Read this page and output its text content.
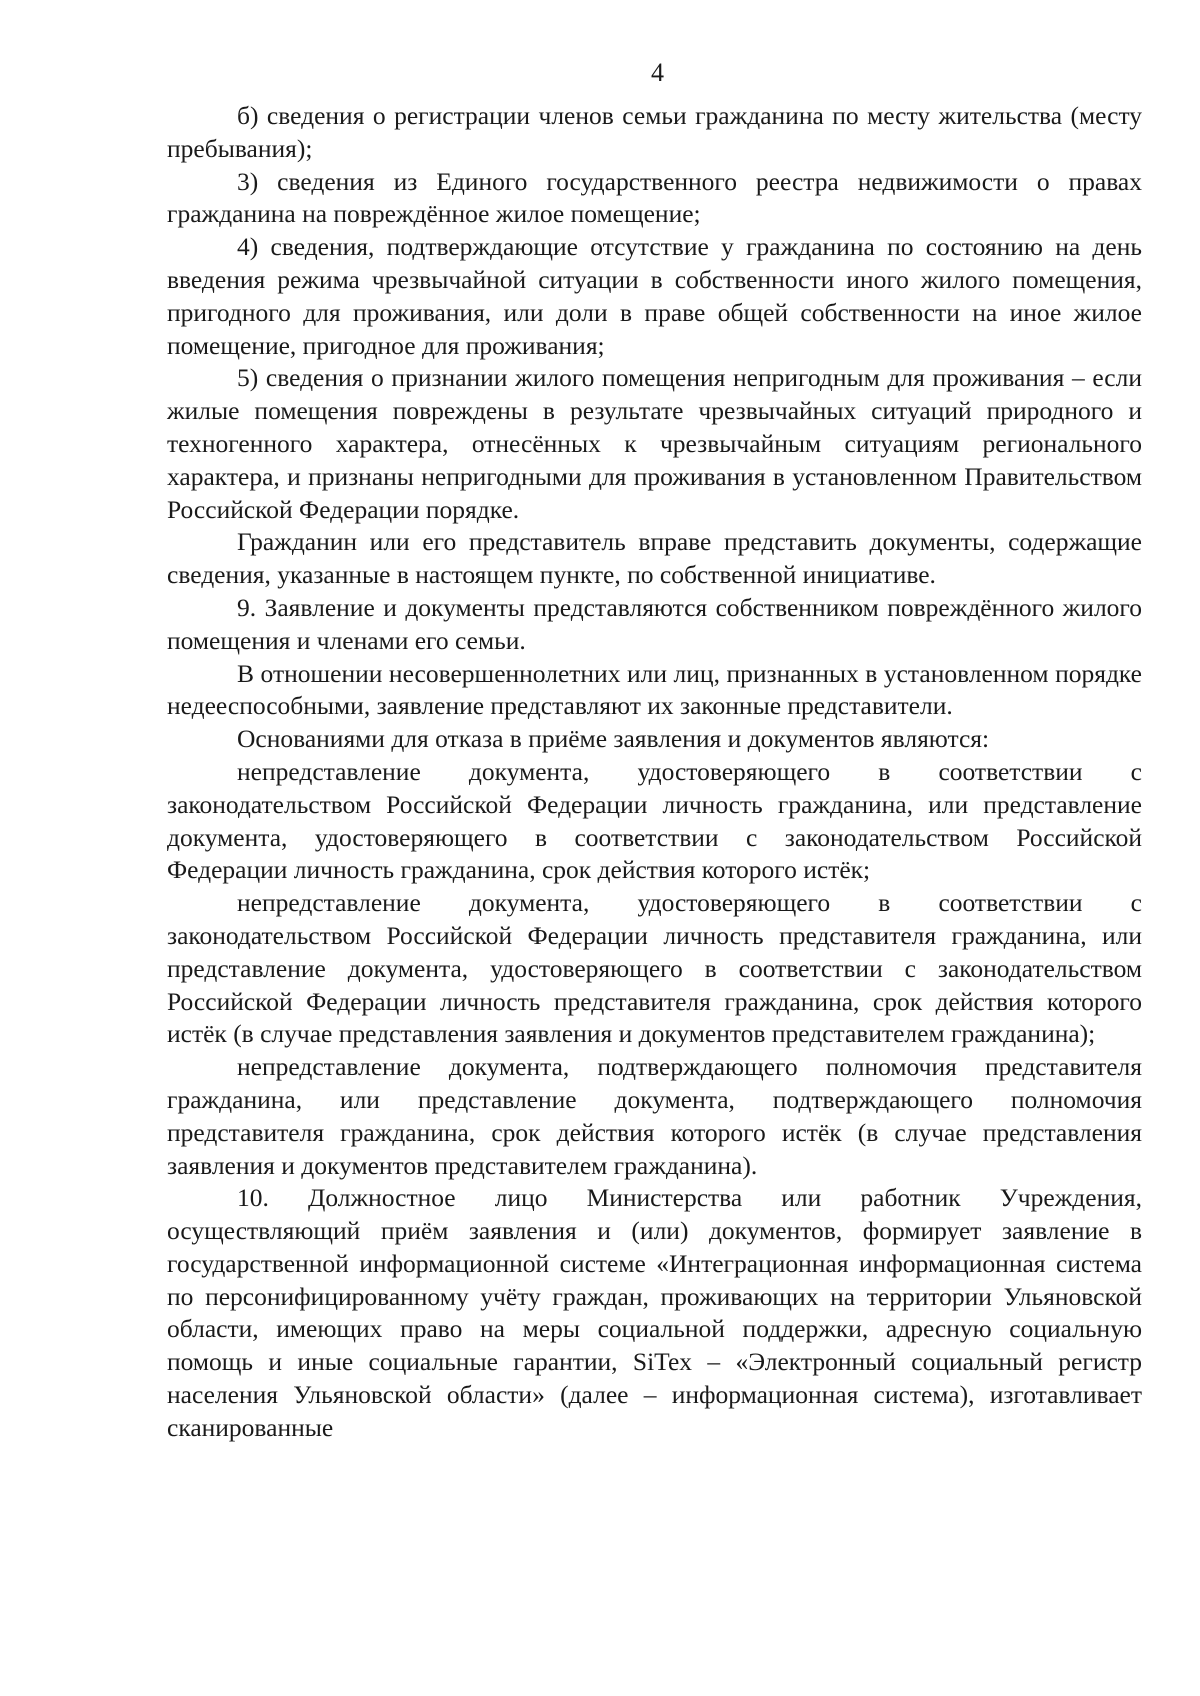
4

б) сведения о регистрации членов семьи гражданина по месту жительства (месту пребывания);

3) сведения из Единого государственного реестра недвижимости о правах гражданина на повреждённое жилое помещение;

4) сведения, подтверждающие отсутствие у гражданина по состоянию на день введения режима чрезвычайной ситуации в собственности иного жилого помещения, пригодного для проживания, или доли в праве общей собственности на иное жилое помещение, пригодное для проживания;

5) сведения о признании жилого помещения непригодным для проживания – если жилые помещения повреждены в результате чрезвычайных ситуаций природного и техногенного характера, отнесённых к чрезвычайным ситуациям регионального характера, и признаны непригодными для проживания в установленном Правительством Российской Федерации порядке.

Гражданин или его представитель вправе представить документы, содержащие сведения, указанные в настоящем пункте, по собственной инициативе.

9. Заявление и документы представляются собственником повреждённого жилого помещения и членами его семьи.

В отношении несовершеннолетних или лиц, признанных в установленном порядке недееспособными, заявление представляют их законные представители.

Основаниями для отказа в приёме заявления и документов являются:

непредставление документа, удостоверяющего в соответствии с законодательством Российской Федерации личность гражданина, или представление документа, удостоверяющего в соответствии с законодательством Российской Федерации личность гражданина, срок действия которого истёк;

непредставление документа, удостоверяющего в соответствии с законодательством Российской Федерации личность представителя гражданина, или представление документа, удостоверяющего в соответствии с законодательством Российской Федерации личность представителя гражданина, срок действия которого истёк (в случае представления заявления и документов представителем гражданина);

непредставление документа, подтверждающего полномочия представителя гражданина, или представление документа, подтверждающего полномочия представителя гражданина, срок действия которого истёк (в случае представления заявления и документов представителем гражданина).

10. Должностное лицо Министерства или работник Учреждения, осуществляющий приём заявления и (или) документов, формирует заявление в государственной информационной системе «Интеграционная информационная система по персонифицированному учёту граждан, проживающих на территории Ульяновской области, имеющих право на меры социальной поддержки, адресную социальную помощь и иные социальные гарантии, SiTex – «Электронный социальный регистр населения Ульяновской области» (далее – информационная система), изготавливает сканированные
